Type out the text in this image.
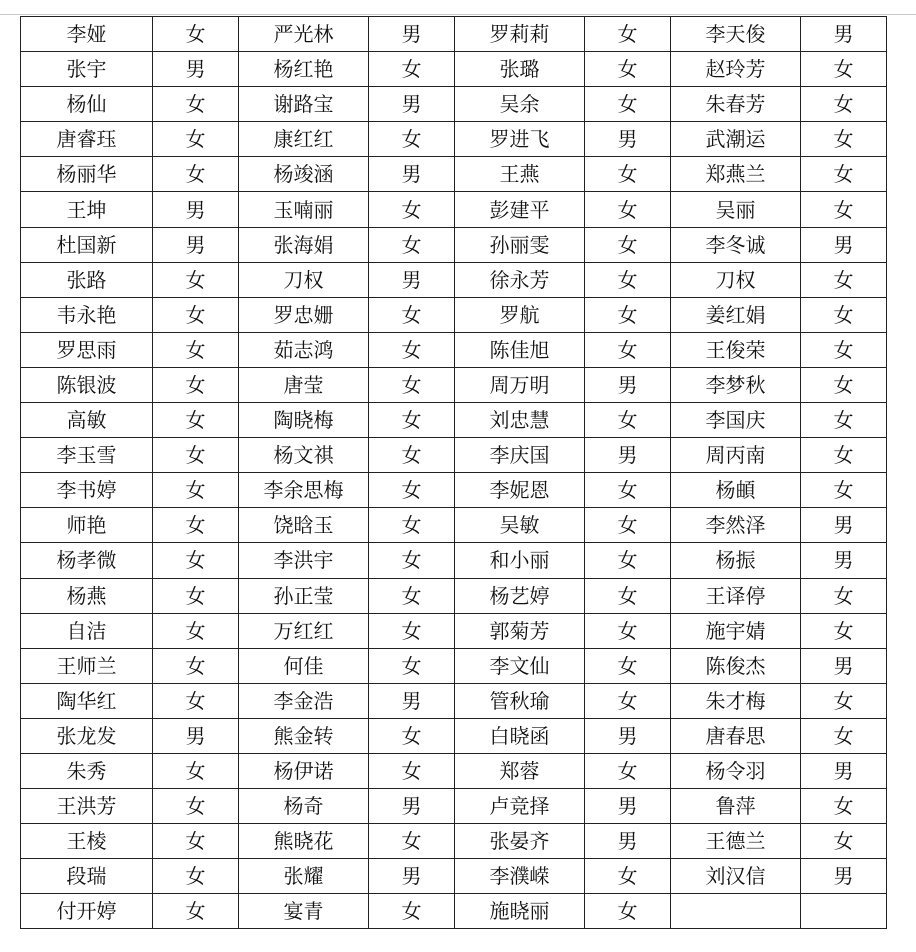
李娅	女	严光林	男	罗莉莉	女	李天俊	男
张宇	男	杨红艳	女	张璐	女	赵玲芳	女
杨仙	女	谢路宝	男	吴余	女	朱春芳	女
唐睿珏	女	康红红	女	罗进飞	男	武潮运	女
杨丽华	女	杨竣涵	男	王燕	女	郑燕兰	女
王坤	男	玉喃丽	女	彭建平	女	吴丽	女
杜国新	男	张海娟	女	孙丽雯	女	李冬诚	男
张路	女	刀权	男	徐永芳	女	刀权	女
韦永艳	女	罗忠姗	女	罗航	女	姜红娟	女
罗思雨	女	茹志鸿	女	陈佳旭	女	王俊荣	女
陈银波	女	唐莹	女	周万明	男	李梦秋	女
高敏	女	陶晓梅	女	刘忠慧	女	李国庆	女
李玉雪	女	杨文祺	女	李庆国	男	周丙南	女
李书婷	女	李余思梅	女	李妮恩	女	杨頔	女
师艳	女	饶晗玉	女	吴敏	女	李然泽	男
杨孝微	女	李洪宇	女	和小丽	女	杨振	男
杨燕	女	孙正莹	女	杨艺婷	女	王译停	女
自洁	女	万红红	女	郭菊芳	女	施宇婧	女
王师兰	女	何佳	女	李文仙	女	陈俊杰	男
陶华红	女	李金浩	男	管秋瑜	女	朱才梅	女
张龙发	男	熊金转	女	白晓函	男	唐春思	女
朱秀	女	杨伊诺	女	郑蓉	女	杨令羽	男
王洪芳	女	杨奇	男	卢竞择	男	鲁萍	女
王棱	女	熊晓花	女	张晏齐	男	王德兰	女
段瑞	女	张耀	男	李濮嵘	女	刘汉信	男
付开婷	女	宴青	女	施晓丽	女		
